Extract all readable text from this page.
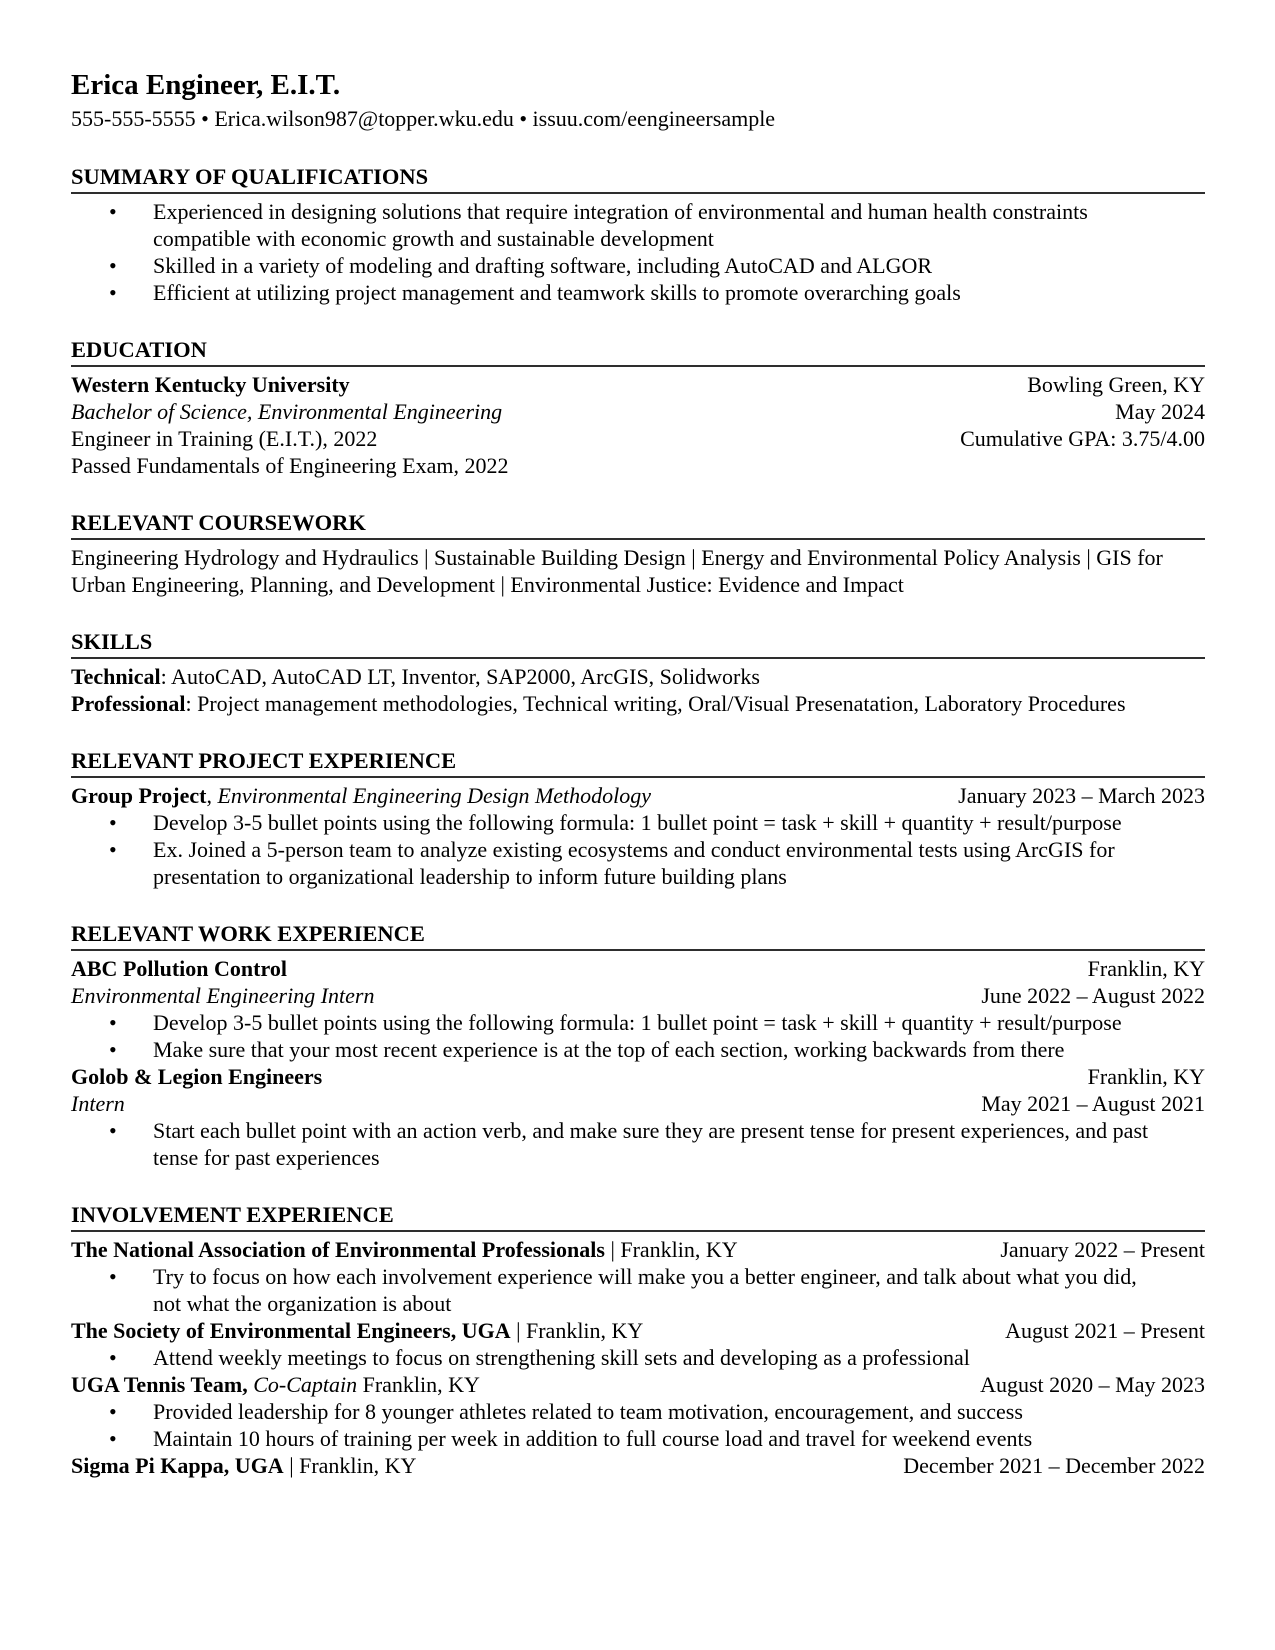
Erica Engineer, E.I.T.
555-555-5555 • Erica.wilson987@topper.wku.edu • issuu.com/eengineersample
SUMMARY OF QUALIFICATIONS
• Experienced in designing solutions that require integration of environmental and human health constraints compatible with economic growth and sustainable development
• Skilled in a variety of modeling and drafting software, including AutoCAD and ALGOR
• Efficient at utilizing project management and teamwork skills to promote overarching goals
EDUCATION
Western Kentucky University	Bowling Green, KY
Bachelor of Science, Environmental Engineering	May 2024
Engineer in Training (E.I.T.), 2022	Cumulative GPA: 3.75/4.00
Passed Fundamentals of Engineering Exam, 2022
RELEVANT COURSEWORK
Engineering Hydrology and Hydraulics | Sustainable Building Design | Energy and Environmental Policy Analysis | GIS for Urban Engineering, Planning, and Development | Environmental Justice: Evidence and Impact
SKILLS
Technical: AutoCAD, AutoCAD LT, Inventor, SAP2000, ArcGIS, Solidworks
Professional: Project management methodologies, Technical writing, Oral/Visual Presenatation, Laboratory Procedures
RELEVANT PROJECT EXPERIENCE
Group Project, Environmental Engineering Design Methodology	January 2023 – March 2023
• Develop 3-5 bullet points using the following formula: 1 bullet point = task + skill + quantity + result/purpose
• Ex. Joined a 5-person team to analyze existing ecosystems and conduct environmental tests using ArcGIS for presentation to organizational leadership to inform future building plans
RELEVANT WORK EXPERIENCE
ABC Pollution Control	Franklin, KY
Environmental Engineering Intern	June 2022 – August 2022
• Develop 3-5 bullet points using the following formula: 1 bullet point = task + skill + quantity + result/purpose
• Make sure that your most recent experience is at the top of each section, working backwards from there
Golob & Legion Engineers	Franklin, KY
Intern	May 2021 – August 2021
• Start each bullet point with an action verb, and make sure they are present tense for present experiences, and past tense for past experiences
INVOLVEMENT EXPERIENCE
The National Association of Environmental Professionals | Franklin, KY	January 2022 – Present
• Try to focus on how each involvement experience will make you a better engineer, and talk about what you did, not what the organization is about
The Society of Environmental Engineers, UGA | Franklin, KY	August 2021 – Present
• Attend weekly meetings to focus on strengthening skill sets and developing as a professional
UGA Tennis Team, Co-Captain Franklin, KY	August 2020 – May 2023
• Provided leadership for 8 younger athletes related to team motivation, encouragement, and success
• Maintain 10 hours of training per week in addition to full course load and travel for weekend events
Sigma Pi Kappa, UGA | Franklin, KY	December 2021 – December 2022
